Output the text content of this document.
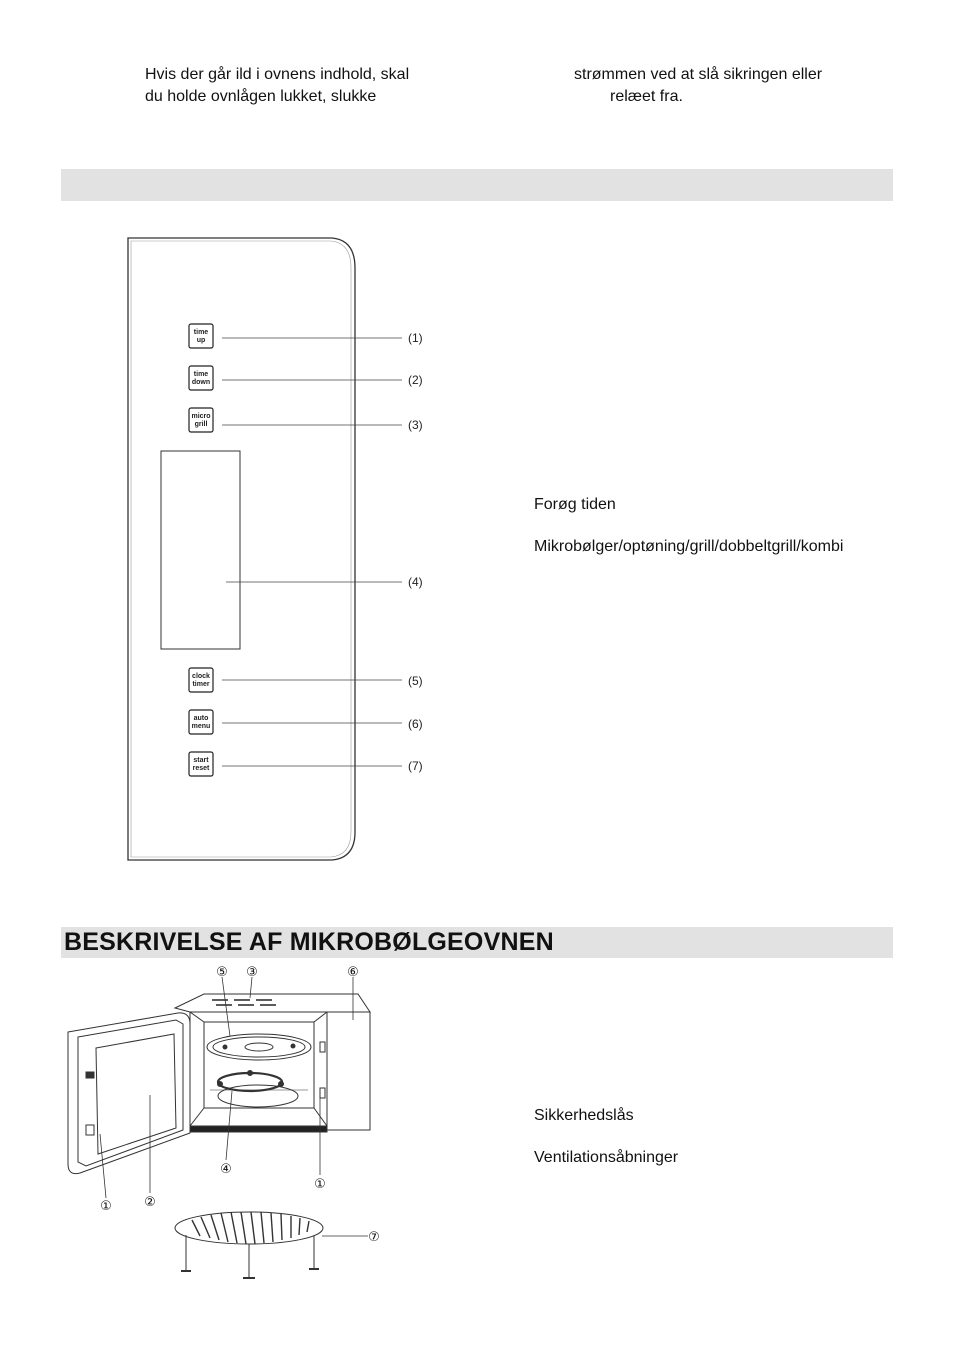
Hvis der går ild i ovnens indhold, skal
du holde ovnlågen lukket, slukke
strømmen ved at slå sikringen eller
relæet fra.
time
up
time
down
micro
grill
clock
timer
auto
menu
start
reset
(1)
(2)
(3)
(4)
(5)
(6)
(7)
Forøg tiden
Mikrobølger/optøning/grill/dobbeltgrill/kombi
BESKRIVELSE AF MIKROBØLGEOVNEN
⑤ ③	⑥
④
①
① ②
⑦
Sikkerhedslås
Ventilationsåbninger
